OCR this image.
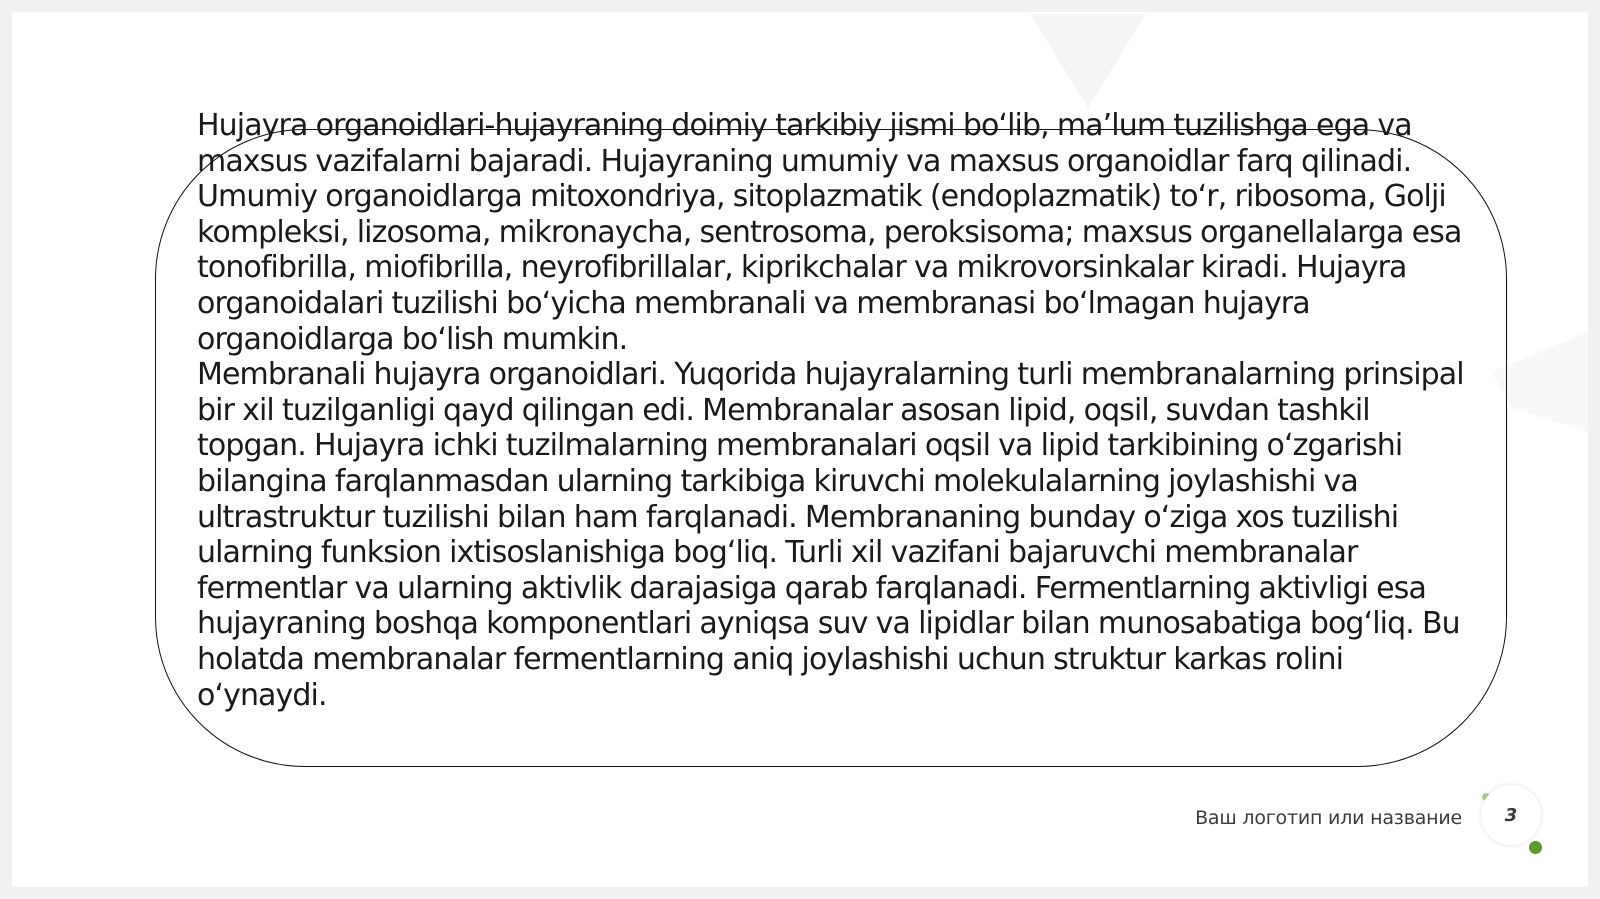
Hujayra organoidlari-hujayraning doimiy tarkibiy jismi boʻlib, maʼlum tuzilishga ega va maxsus vazifalarni bajaradi. Hujayraning umumiy va maxsus organoidlar farq qilinadi. Umumiy organoidlarga mitoxondriya, sitoplazmatik (endoplazmatik) toʻr, ribosoma, Golji kompleksi, lizosoma, mikronaycha, sentrosoma, peroksisoma; maxsus organellalarga esa tonofibrilla, miofibrilla, neyrofibrillalar, kiprikchalar va mikrovorsinkalar kiradi. Hujayra organoidalari tuzilishi boʻyicha membranali va membranasi boʻlmagan hujayra organoidlarga boʻlish mumkin.

Membranali hujayra organoidlari. Yuqorida hujayralarning turli membranalarning prinsipal bir xil tuzilganligi qayd qilingan edi. Membranalar asosan lipid, oqsil, suvdan tashkil topgan. Hujayra ichki tuzilmalarning membranalari oqsil va lipid tarkibining oʻzgarishi bilangina farqlanmasdan ularning tarkibiga kiruvchi molekulalarning joylashishi va ultrastruktur tuzilishi bilan ham farqlanadi. Membrananing bunday oʻziga xos tuzilishi ularning funksion ixtisoslanishiga bogʻliq. Turli xil vazifani bajaruvchi membranalar fermentlar va ularning aktivlik darajasiga qarab farqlanadi. Fermentlarning aktivligi esa hujayraning boshqa komponentlari ayniqsa suv va lipidlar bilan munosabatiga bogʻliq. Bu holatda membranalar fermentlarning aniq joylashishi uchun struktur karkas rolini oʻynaydi.

Ваш логотип или название 3
